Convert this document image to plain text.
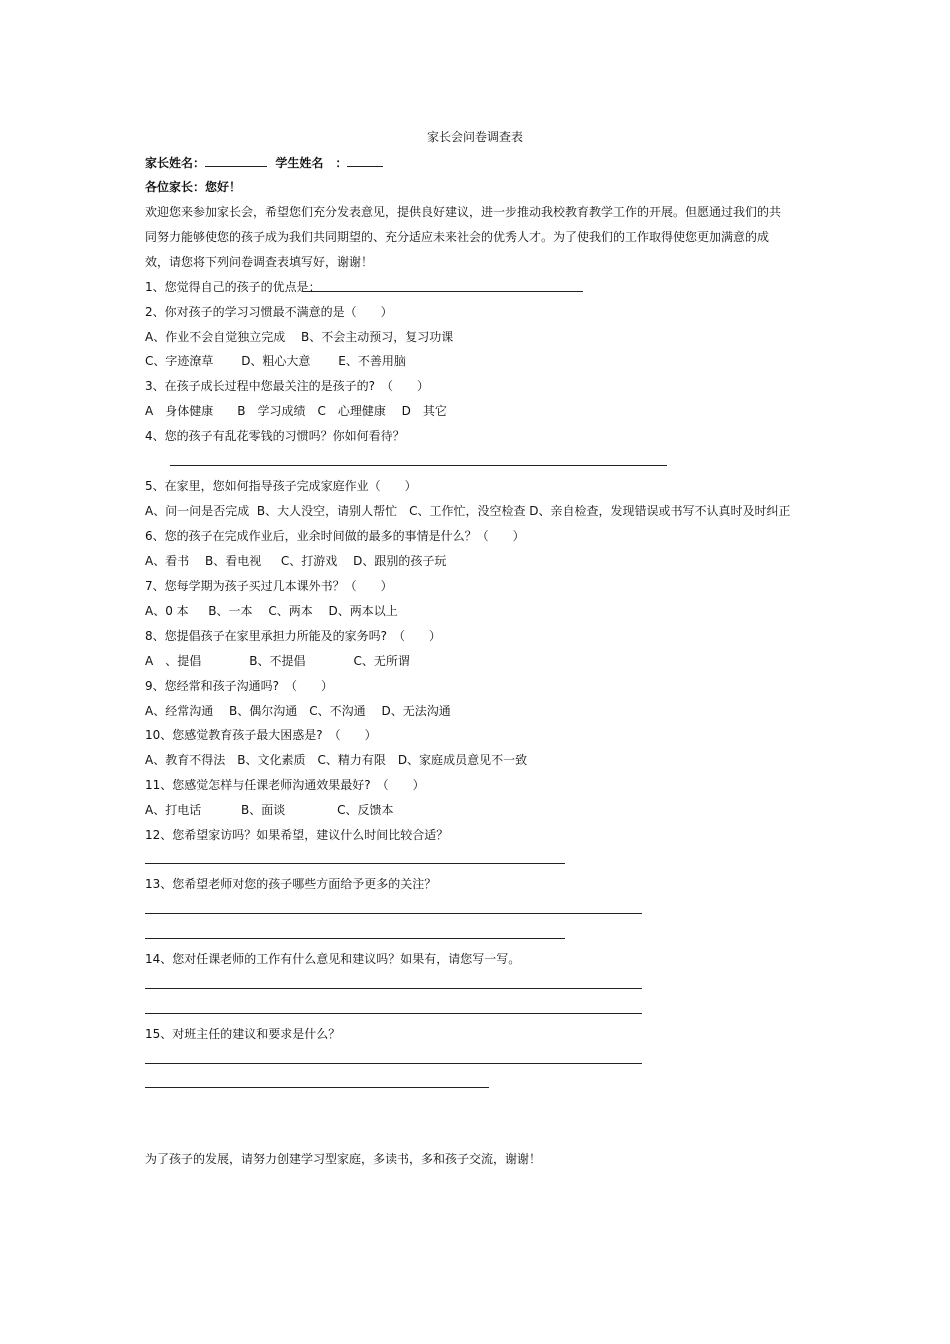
家长会问卷调查表
家长姓名：	学生姓名　：
各位家长：您好！
欢迎您来参加家长会，希望您们充分发表意见，提供良好建议，进一步推动我校教育教学工作的开展。但愿通过我们的共
同努力能够使您的孩子成为我们共同期望的、充分适应未来社会的优秀人才。为了使我们的工作取得使您更加满意的成
效，请您将下列问卷调查表填写好，谢谢！
1、您觉得自己的孩子的优点是：
2、你对孩子的学习习惯最不满意的是（　　）
A、作业不会自觉独立完成　 B、不会主动预习，复习功课
C、字迹潦草　　 D、粗心大意　　 E、不善用脑
3、在孩子成长过程中您最关注的是孩子的?　（　　）
A　身体健康　　B　学习成绩　C　心理健康　 D　其它
4、您的孩子有乱花零钱的习惯吗？你如何看待？
5、在家里，您如何指导孩子完成家庭作业（　　）
A、问一问是否完成  B、大人没空，请别人帮忙　C、工作忙，没空检查 D、亲自检查，发现错误或书写不认真时及时纠正
6、您的孩子在完成作业后，业余时间做的最多的事情是什么？（　　）
A、看书　 B、看电视　  C、打游戏　 D、跟别的孩子玩
7、您每学期为孩子买过几本课外书？（　　）
A、0 本　  B、一本　 C、两本　 D、两本以上
8、您提倡孩子在家里承担力所能及的家务吗?　（　　）
A　、提倡　　　　B、不提倡　　　　C、无所谓
9、您经常和孩子沟通吗?　（　　）
A、经常沟通　 B、偶尔沟通　C、不沟通　 D、无法沟通
10、您感觉教育孩子最大困惑是?　（　　）
A、教育不得法　B、文化素质　C、精力有限　D、家庭成员意见不一致
11、您感觉怎样与任课老师沟通效果最好?　（　　）
A、打电话　　　 B、面谈　　　　 C、反馈本
12、您希望家访吗？如果希望，建议什么时间比较合适？
13、您希望老师对您的孩子哪些方面给予更多的关注？
14、您对任课老师的工作有什么意见和建议吗？如果有，请您写一写。
15、对班主任的建议和要求是什么？
为了孩子的发展，请努力创建学习型家庭，多读书，多和孩子交流，谢谢！
